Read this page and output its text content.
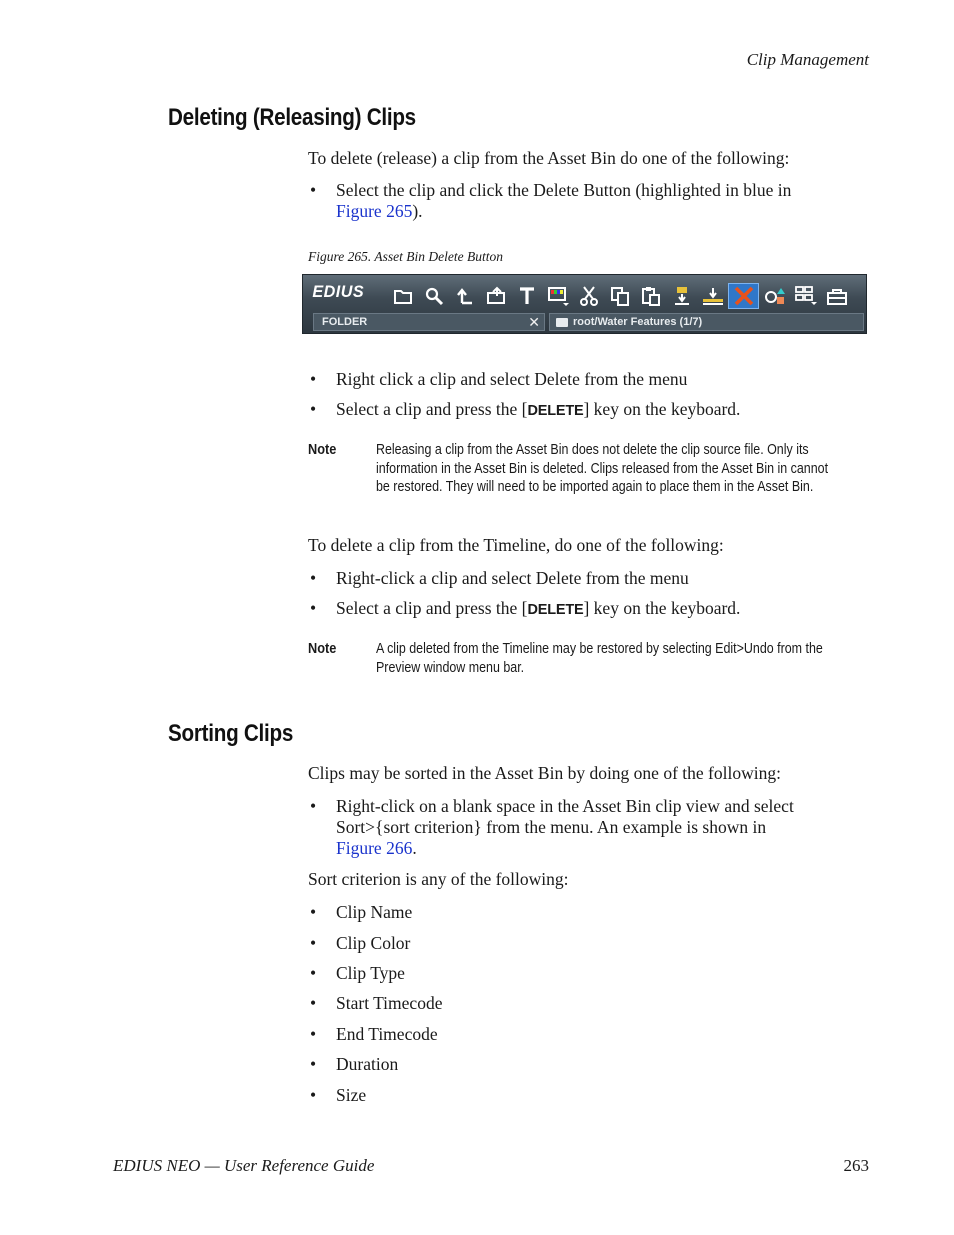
Clip Management
Deleting (Releasing) Clips
To delete (release) a clip from the Asset Bin do one of the following:
• Select the clip and click the Delete Button (highlighted in blue in
Figure 265).
Figure 265. Asset Bin Delete Button
EDIUS
FOLDER	✕	root/Water Features (1/7)
• Right click a clip and select Delete from the menu
• Select a clip and press the [DELETE] key on the keyboard.
Note	Releasing a clip from the Asset Bin does not delete the clip source file. Only its information in the Asset Bin is deleted. Clips released from the Asset Bin in cannot be restored. They will need to be imported again to place them in the Asset Bin.
To delete a clip from the Timeline, do one of the following:
• Right-click a clip and select Delete from the menu
• Select a clip and press the [DELETE] key on the keyboard.
Note	A clip deleted from the Timeline may be restored by selecting Edit>Undo from the Preview window menu bar.
Sorting Clips
Clips may be sorted in the Asset Bin by doing one of the following:
• Right-click on a blank space in the Asset Bin clip view and select
Sort>{sort criterion} from the menu. An example is shown in
Figure 266.
Sort criterion is any of the following:
• Clip Name
• Clip Color
• Clip Type
• Start Timecode
• End Timecode
• Duration
• Size
EDIUS NEO — User Reference Guide	263
